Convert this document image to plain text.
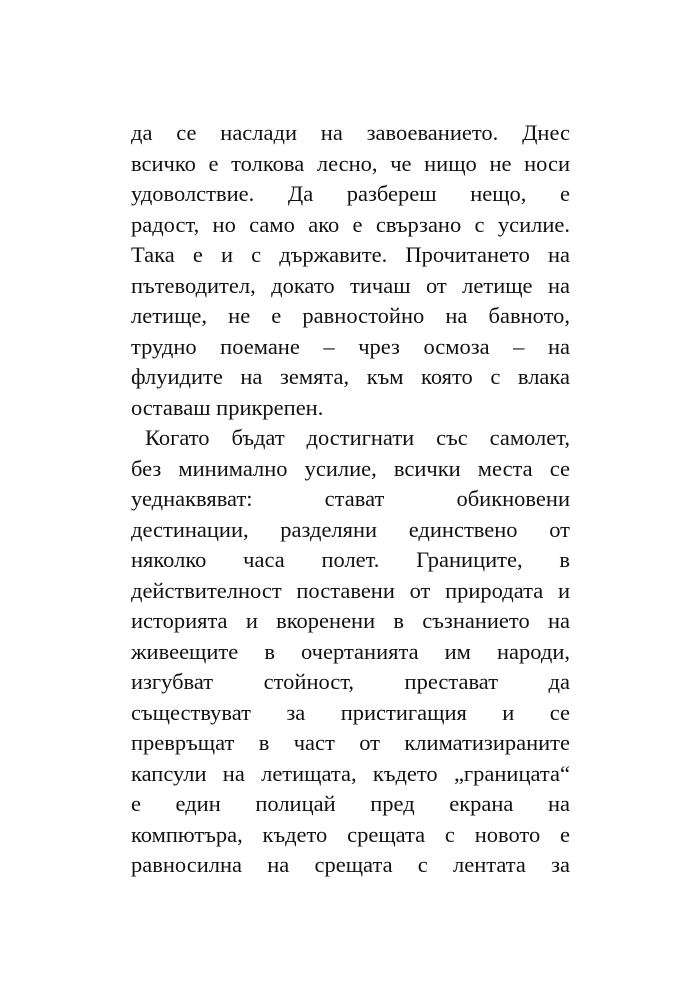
да се наслади на завоеванието. Днес
всичко е толкова лесно, че нищо не носи
удоволствие. Да разбереш нещо, е
радост, но само ако е свързано с усилие.
Така е и с държавите. Прочитането на
пътеводител, докато тичаш от летище на
летище, не е равностойно на бавното,
трудно поемане – чрез осмоза – на
флуидите на земята, към която с влака
оставаш прикрепен.
Когато бъдат достигнати със самолет,
без минимално усилие, всички места се
уеднаквяват: стават обикновени
дестинации, разделяни единствено от
няколко часа полет. Границите, в
действителност поставени от природата и
историята и вкоренени в съзнанието на
живеещите в очертанията им народи,
изгубват стойност, престават да
съществуват за пристигащия и се
превръщат в част от климатизираните
капсули на летищата, където „границата“
е един полицай пред екрана на
компютъра, където срещата с новото е
равносилна на срещата с лентата за
